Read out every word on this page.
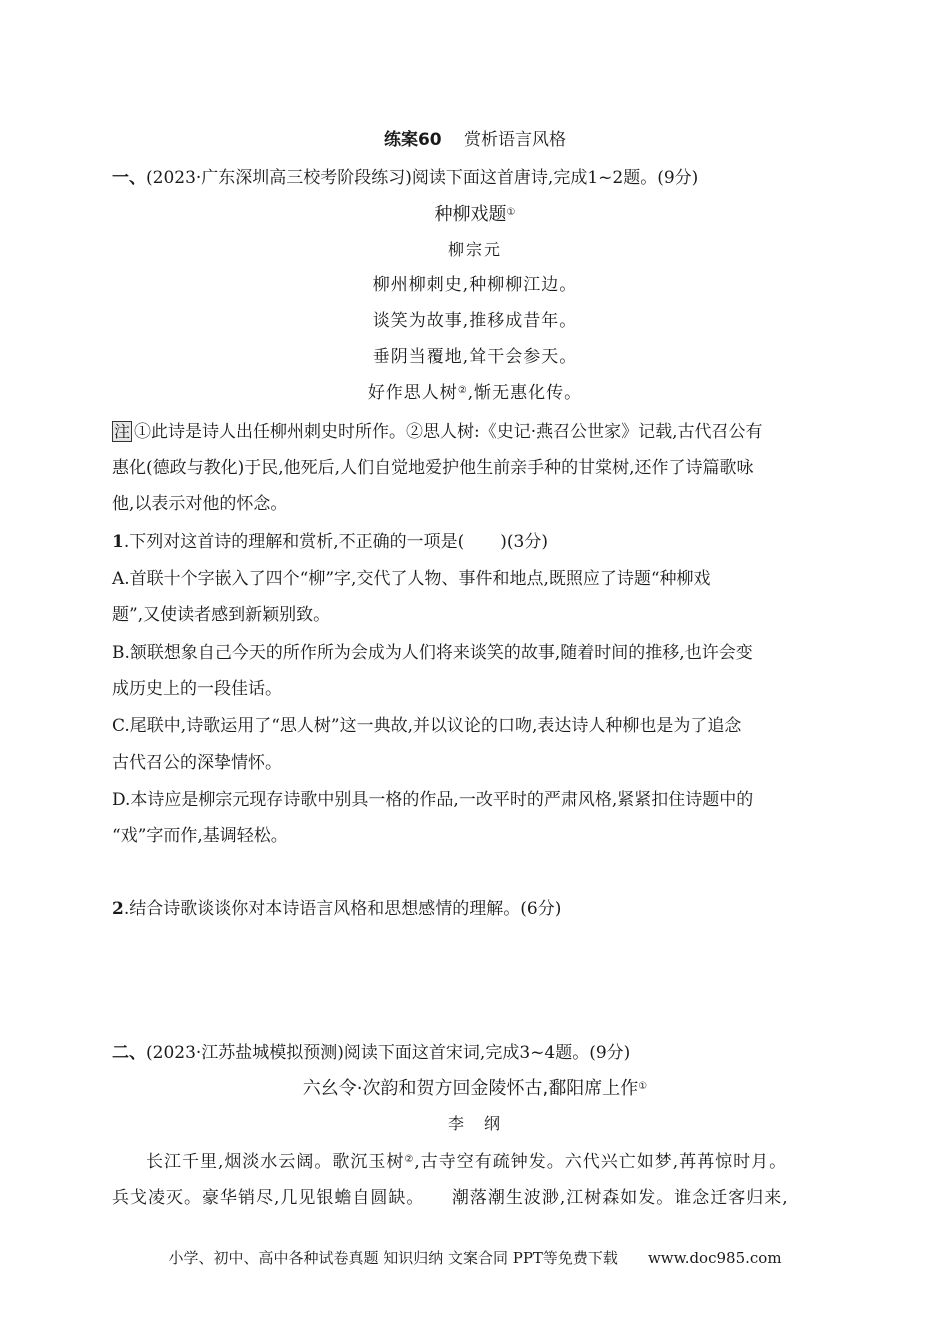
练案60　 赏析语言风格
一、(2023·广东深圳高三校考阶段练习)阅读下面这首唐诗,完成1~2题。(9分)
种柳戏题①
柳宗元
柳州柳刺史,种柳柳江边。
谈笑为故事,推移成昔年。
垂阴当覆地,耸干会参天。
好作思人树②,惭无惠化传。
注 ①此诗是诗人出任柳州刺史时所作。②思人树:《史记·燕召公世家》记载,古代召公有
惠化(德政与教化)于民,他死后,人们自觉地爱护他生前亲手种的甘棠树,还作了诗篇歌咏
他,以表示对他的怀念。
1.下列对这首诗的理解和赏析,不正确的一项是( )(3分)
A.首联十个字嵌入了四个“柳”字,交代了人物、事件和地点,既照应了诗题“种柳戏
题”,又使读者感到新颖别致。
B.颔联想象自己今天的所作所为会成为人们将来谈笑的故事,随着时间的推移,也许会变
成历史上的一段佳话。
C.尾联中,诗歌运用了“思人树”这一典故,并以议论的口吻,表达诗人种柳也是为了追念
古代召公的深挚情怀。
D.本诗应是柳宗元现存诗歌中别具一格的作品,一改平时的严肃风格,紧紧扣住诗题中的
“戏”字而作,基调轻松。
2.结合诗歌谈谈你对本诗语言风格和思想感情的理解。(6分)
二、(2023·江苏盐城模拟预测)阅读下面这首宋词,完成3~4题。(9分)
六幺令·次韵和贺方回金陵怀古,鄱阳席上作①
李　纲
长江千里,烟淡水云阔。歌沉玉树②,古寺空有疏钟发。六代兴亡如梦,苒苒惊时月。
兵戈凌灭。豪华销尽,几见银蟾自圆缺。　　潮落潮生波渺,江树森如发。谁念迁客归来,
小学、初中、高中各种试卷真题 知识归纳 文案合同 PPT等免费下载　　 www.doc985.com
